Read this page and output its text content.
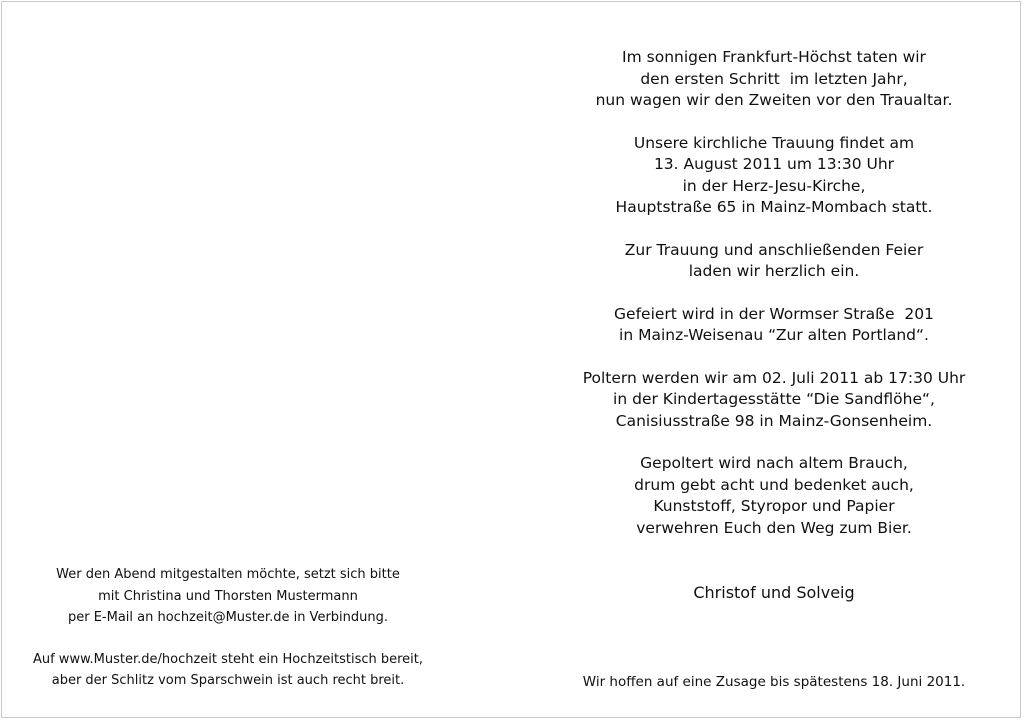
Im sonnigen Frankfurt-Höchst taten wir
den ersten Schritt  im letzten Jahr,
nun wagen wir den Zweiten vor den Traualtar.

Unsere kirchliche Trauung findet am
13. August 2011 um 13:30 Uhr
in der Herz-Jesu-Kirche,
Hauptstraße 65 in Mainz-Mombach statt.

Zur Trauung und anschließenden Feier
laden wir herzlich ein.

Gefeiert wird in der Wormser Straße  201
in Mainz-Weisenau “Zur alten Portland“.

Poltern werden wir am 02. Juli 2011 ab 17:30 Uhr
in der Kindertagesstätte “Die Sandflöhe“,
Canisiusstraße 98 in Mainz-Gonsenheim.

Gepoltert wird nach altem Brauch,
drum gebt acht und bedenket auch,
Kunststoff, Styropor und Papier
verwehren Euch den Weg zum Bier.

Christof und Solveig
Wir hoffen auf eine Zusage bis spätestens 18. Juni 2011.

Wer den Abend mitgestalten möchte, setzt sich bitte
mit Christina und Thorsten Mustermann
per E-Mail an hochzeit@Muster.de in Verbindung.

Auf www.Muster.de/hochzeit steht ein Hochzeitstisch bereit,
aber der Schlitz vom Sparschwein ist auch recht breit.
